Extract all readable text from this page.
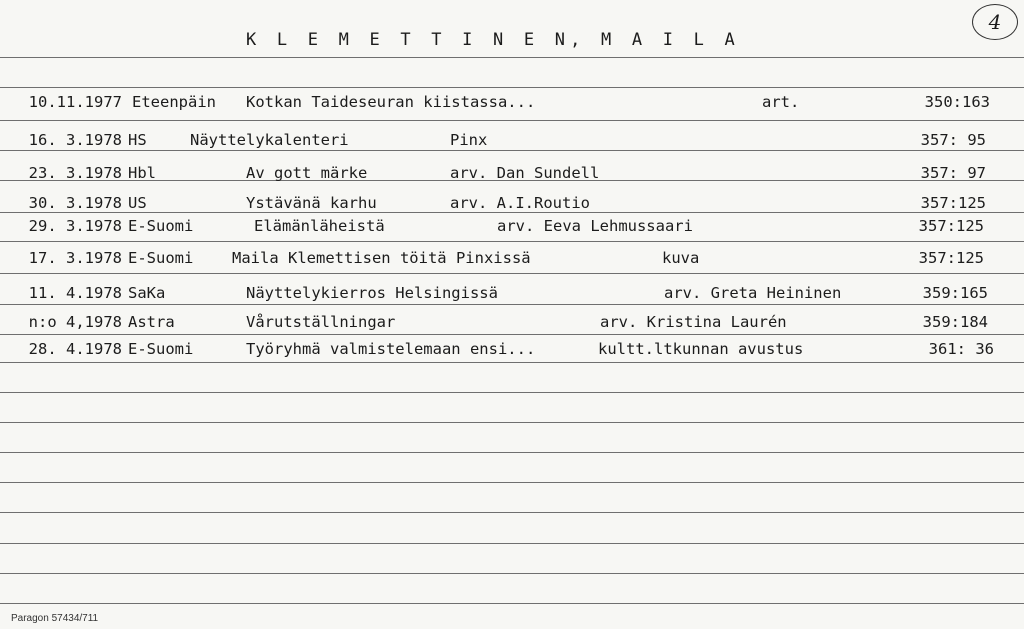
K L E M E T T I N E N, M A I L A
4
10.11.1977 Eteenpäin Kotkan Taideseuran kiistassa...	art.	350:163
16. 3.1978 HS	Näyttelykalenteri	Pinx	357: 95
23. 3.1978 Hbl	Av gott märke	arv. Dan Sundell	357: 97
30. 3.1978 US	Ystävänä karhu	arv. A.I.Routio	357:125
29. 3.1978 E-Suomi	Elämänläheistä	arv. Eeva Lehmussaari	357:125
17. 3.1978 E-Suomi Maila Klemettisen töitä Pinxissä	kuva	357:125
11. 4.1978 SaKa	Näyttelykierros Helsingissä	arv. Greta Heininen	359:165
n:o 4,1978 Astra	Vårutställningar	arv. Kristina Laurén	359:184
28. 4.1978 E-Suomi	Työryhmä valmistelemaan ensi...	kultt.ltkunnan avustus	361: 36
Paragon 57434/711
